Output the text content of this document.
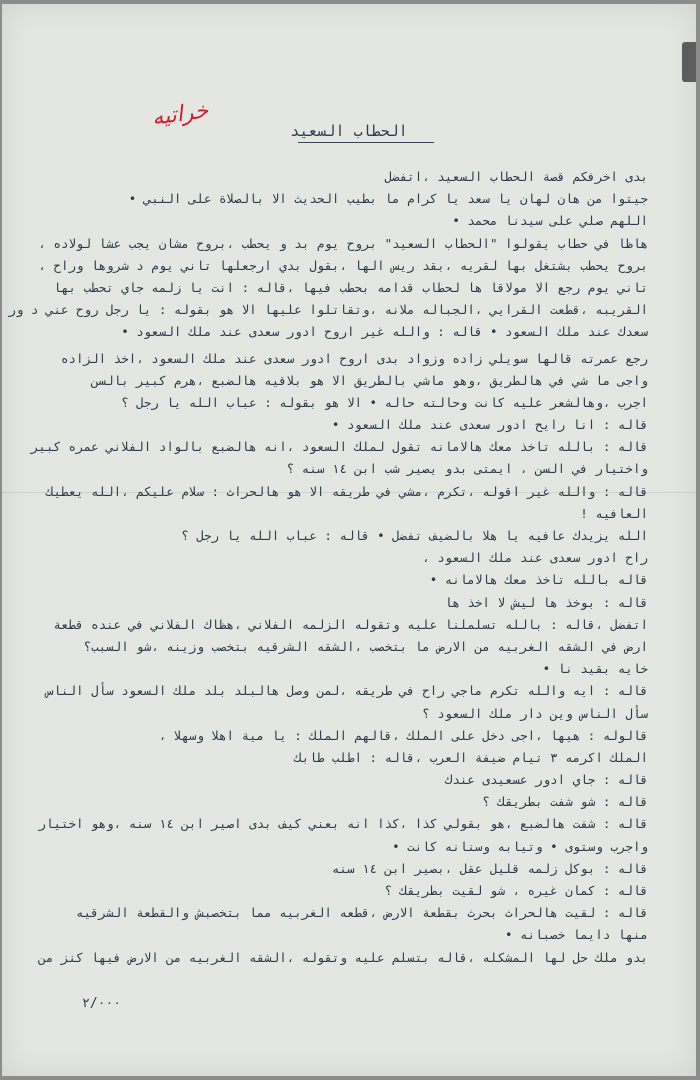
خراتيه
الحطاب السعيد
بدى اخرفكم قصة الحطاب السعيد ،اتفضل
جيتوا من هان لهان يا سعد يا كرام ما بطيب الحديث الا بالصلاة على النبي •
اللهم صلي على سيدنا محمد •
هاظا في حطاب يقولوا "الحطاب السعيد" بروح يوم بد و يحطب ،بروح مشان يجب عشا لولاده ،
بروح يحطب بشتغل بها لقريه ،بقد ريس الها ،بقول بدي ارجعلها تاني يوم د شروها وراح ،
تاني يوم رجع الا مولاقا ها لحطاب قدامه بحطب فيها ،قاله : انت يا زلمه جاي تحطب بها
القريبه ،قطعت القرايي ،الجباله ملانه ،وتقاتلوا عليها الا هو بقوله : يا رجل روح عني د ور
سعدك عند ملك السعود • قاله : والله غير اروح ادور سعدى عند ملك السعود •
رجع عمرته قالها سويلي زاده وزواد بدى اروح ادور سعدى عند ملك السعود ،اخذ الزاده
واجى ما شي في هالطريق ،وهو ماشي بالطريق الا هو بلاقيه هالضبع ،هرم كبير بالسن
اجرب ،وهالشعر عليه كانت وحالته حاله • الا هو بقوله : عباب الله يا رجل ؟
قاله : انا رايح ادور سعدى عند ملك السعود •
قاله : بالله تاخذ معك هالامانه تقول لملك السعود ،انه هالضبع بالواد الفلاني عمره كبير
واختيار في السن ، ايمتى بدو يصير شب ابن ١٤ سنه ؟
قاله : والله غير اقوله ،تكرم ،مشي في طريقه الا هو هالحراث : سلام عليكم ،الله يعطيك
العافيه !
الله يزيدك عافيه يا هلا بالضيف تفضل • قاله : عباب الله يا رجل ؟
راح ادور سعدى عند ملك السعود ،
قاله بالله تاخذ معك هالامانه •
قاله : بوخذ ها ليش لا اخذ ها
اتفضل ،قاله : بالله تسلملنا عليه وتقوله الزلمه الفلاني ،هظاك الفلاني في عنده قطعة
ارض في الشقه الغربيه من الارض ما بتخصب ،الشقه الشرقيه بتخصب وزينه ،شو السبب؟
خايه بقيد نا •
قاله : ايه والله تكرم ماجي راح في طريقه ،لمن وصل هالبلد بلد ملك السعود سأل الناس
سأل الناس وين دار ملك السعود ؟
قالوله : هيها ،اجى دخل على الملك ،قالهم الملك : يا مية اهلا وسهلا ،
الملك اكرمه ٣ تيام ضيفة العرب ،قاله : اطلب طابك
قاله : جاي ادور عسعيدى عندك
قاله : شو شفت بطريقك ؟
قاله : شفت هالضبع ،هو بقولي كذا ،كذا انه بعني كيف بدى اصير ابن ١٤ سنه ،وهو اختيار
واجرب وستوى • وتيابه وسنانه كانت •
قاله : بوكل زلمه قليل عقل ،بصير ابن ١٤ سنه
قاله : كمان غيره ، شو لقيت بطريقك ؟
قاله : لقيت هالحراث بحرث بقطعة الارض ،قطعه الغربيه مما بتخصبش والقطعة الشرقيه
منها دايما خصبانه •
بدو ملك حل لها المشكله ،قاله بتسلم عليه وتقوله ،الشقه الغربيه من الارض فيها كنز من
٢/٠٠٠
